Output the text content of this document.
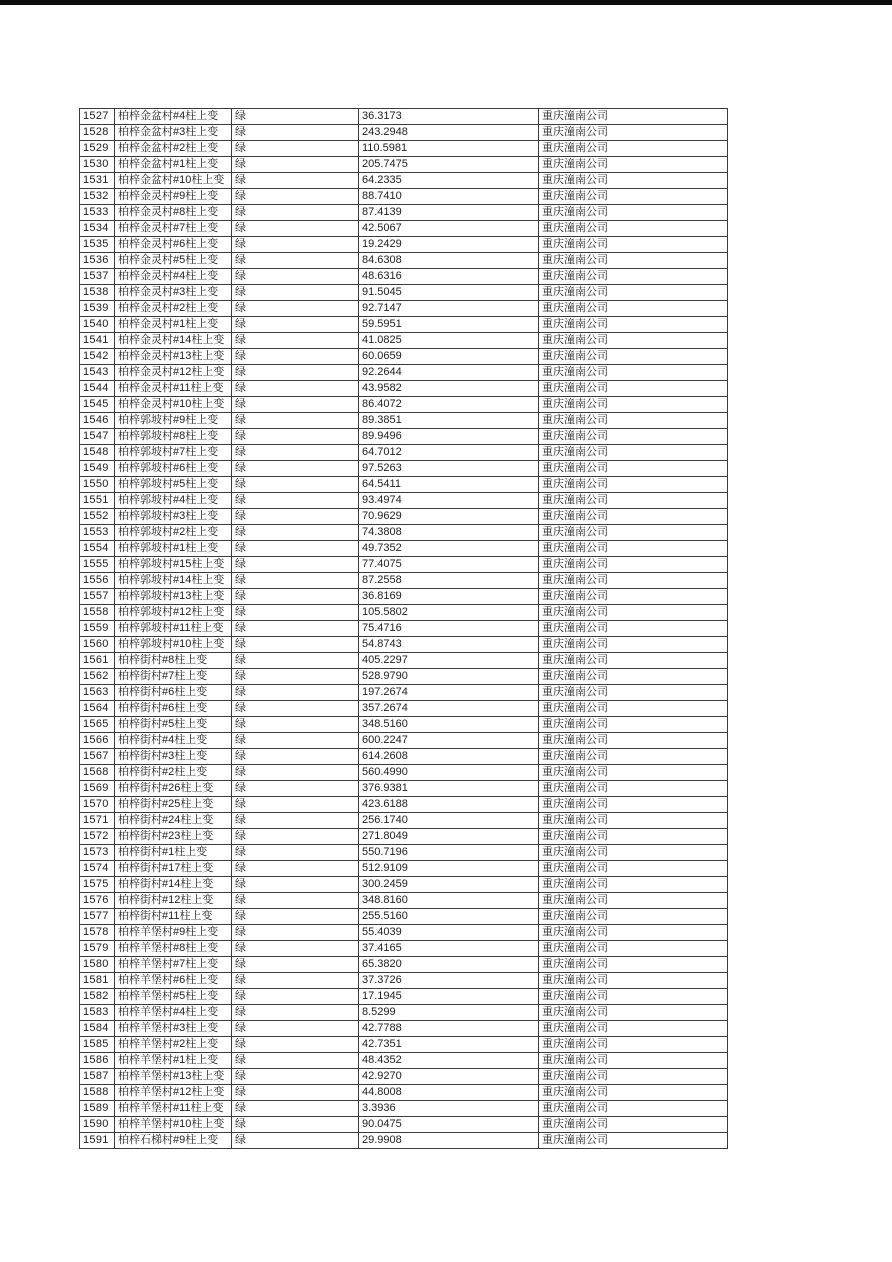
1527	柏梓金盆村#4柱上变	绿	36.3173	重庆潼南公司
1528	柏梓金盆村#3柱上变	绿	243.2948	重庆潼南公司
1529	柏梓金盆村#2柱上变	绿	110.5981	重庆潼南公司
1530	柏梓金盆村#1柱上变	绿	205.7475	重庆潼南公司
1531	柏梓金盆村#10柱上变	绿	64.2335	重庆潼南公司
1532	柏梓金灵村#9柱上变	绿	88.7410	重庆潼南公司
1533	柏梓金灵村#8柱上变	绿	87.4139	重庆潼南公司
1534	柏梓金灵村#7柱上变	绿	42.5067	重庆潼南公司
1535	柏梓金灵村#6柱上变	绿	19.2429	重庆潼南公司
1536	柏梓金灵村#5柱上变	绿	84.6308	重庆潼南公司
1537	柏梓金灵村#4柱上变	绿	48.6316	重庆潼南公司
1538	柏梓金灵村#3柱上变	绿	91.5045	重庆潼南公司
1539	柏梓金灵村#2柱上变	绿	92.7147	重庆潼南公司
1540	柏梓金灵村#1柱上变	绿	59.5951	重庆潼南公司
1541	柏梓金灵村#14柱上变	绿	41.0825	重庆潼南公司
1542	柏梓金灵村#13柱上变	绿	60.0659	重庆潼南公司
1543	柏梓金灵村#12柱上变	绿	92.2644	重庆潼南公司
1544	柏梓金灵村#11柱上变	绿	43.9582	重庆潼南公司
1545	柏梓金灵村#10柱上变	绿	86.4072	重庆潼南公司
1546	柏梓郭坡村#9柱上变	绿	89.3851	重庆潼南公司
1547	柏梓郭坡村#8柱上变	绿	89.9496	重庆潼南公司
1548	柏梓郭坡村#7柱上变	绿	64.7012	重庆潼南公司
1549	柏梓郭坡村#6柱上变	绿	97.5263	重庆潼南公司
1550	柏梓郭坡村#5柱上变	绿	64.5411	重庆潼南公司
1551	柏梓郭坡村#4柱上变	绿	93.4974	重庆潼南公司
1552	柏梓郭坡村#3柱上变	绿	70.9629	重庆潼南公司
1553	柏梓郭坡村#2柱上变	绿	74.3808	重庆潼南公司
1554	柏梓郭坡村#1柱上变	绿	49.7352	重庆潼南公司
1555	柏梓郭坡村#15柱上变	绿	77.4075	重庆潼南公司
1556	柏梓郭坡村#14柱上变	绿	87.2558	重庆潼南公司
1557	柏梓郭坡村#13柱上变	绿	36.8169	重庆潼南公司
1558	柏梓郭坡村#12柱上变	绿	105.5802	重庆潼南公司
1559	柏梓郭坡村#11柱上变	绿	75.4716	重庆潼南公司
1560	柏梓郭坡村#10柱上变	绿	54.8743	重庆潼南公司
1561	柏梓街村#8柱上变	绿	405.2297	重庆潼南公司
1562	柏梓街村#7柱上变	绿	528.9790	重庆潼南公司
1563	柏梓街村#6柱上变	绿	197.2674	重庆潼南公司
1564	柏梓街村#6柱上变	绿	357.2674	重庆潼南公司
1565	柏梓街村#5柱上变	绿	348.5160	重庆潼南公司
1566	柏梓街村#4柱上变	绿	600.2247	重庆潼南公司
1567	柏梓街村#3柱上变	绿	614.2608	重庆潼南公司
1568	柏梓街村#2柱上变	绿	560.4990	重庆潼南公司
1569	柏梓街村#26柱上变	绿	376.9381	重庆潼南公司
1570	柏梓街村#25柱上变	绿	423.6188	重庆潼南公司
1571	柏梓街村#24柱上变	绿	256.1740	重庆潼南公司
1572	柏梓街村#23柱上变	绿	271.8049	重庆潼南公司
1573	柏梓街村#1柱上变	绿	550.7196	重庆潼南公司
1574	柏梓街村#17柱上变	绿	512.9109	重庆潼南公司
1575	柏梓街村#14柱上变	绿	300.2459	重庆潼南公司
1576	柏梓街村#12柱上变	绿	348.8160	重庆潼南公司
1577	柏梓街村#11柱上变	绿	255.5160	重庆潼南公司
1578	柏梓羊堡村#9柱上变	绿	55.4039	重庆潼南公司
1579	柏梓羊堡村#8柱上变	绿	37.4165	重庆潼南公司
1580	柏梓羊堡村#7柱上变	绿	65.3820	重庆潼南公司
1581	柏梓羊堡村#6柱上变	绿	37.3726	重庆潼南公司
1582	柏梓羊堡村#5柱上变	绿	17.1945	重庆潼南公司
1583	柏梓羊堡村#4柱上变	绿	8.5299	重庆潼南公司
1584	柏梓羊堡村#3柱上变	绿	42.7788	重庆潼南公司
1585	柏梓羊堡村#2柱上变	绿	42.7351	重庆潼南公司
1586	柏梓羊堡村#1柱上变	绿	48.4352	重庆潼南公司
1587	柏梓羊堡村#13柱上变	绿	42.9270	重庆潼南公司
1588	柏梓羊堡村#12柱上变	绿	44.8008	重庆潼南公司
1589	柏梓羊堡村#11柱上变	绿	3.3936	重庆潼南公司
1590	柏梓羊堡村#10柱上变	绿	90.0475	重庆潼南公司
1591	柏梓石梯村#9柱上变	绿	29.9908	重庆潼南公司
